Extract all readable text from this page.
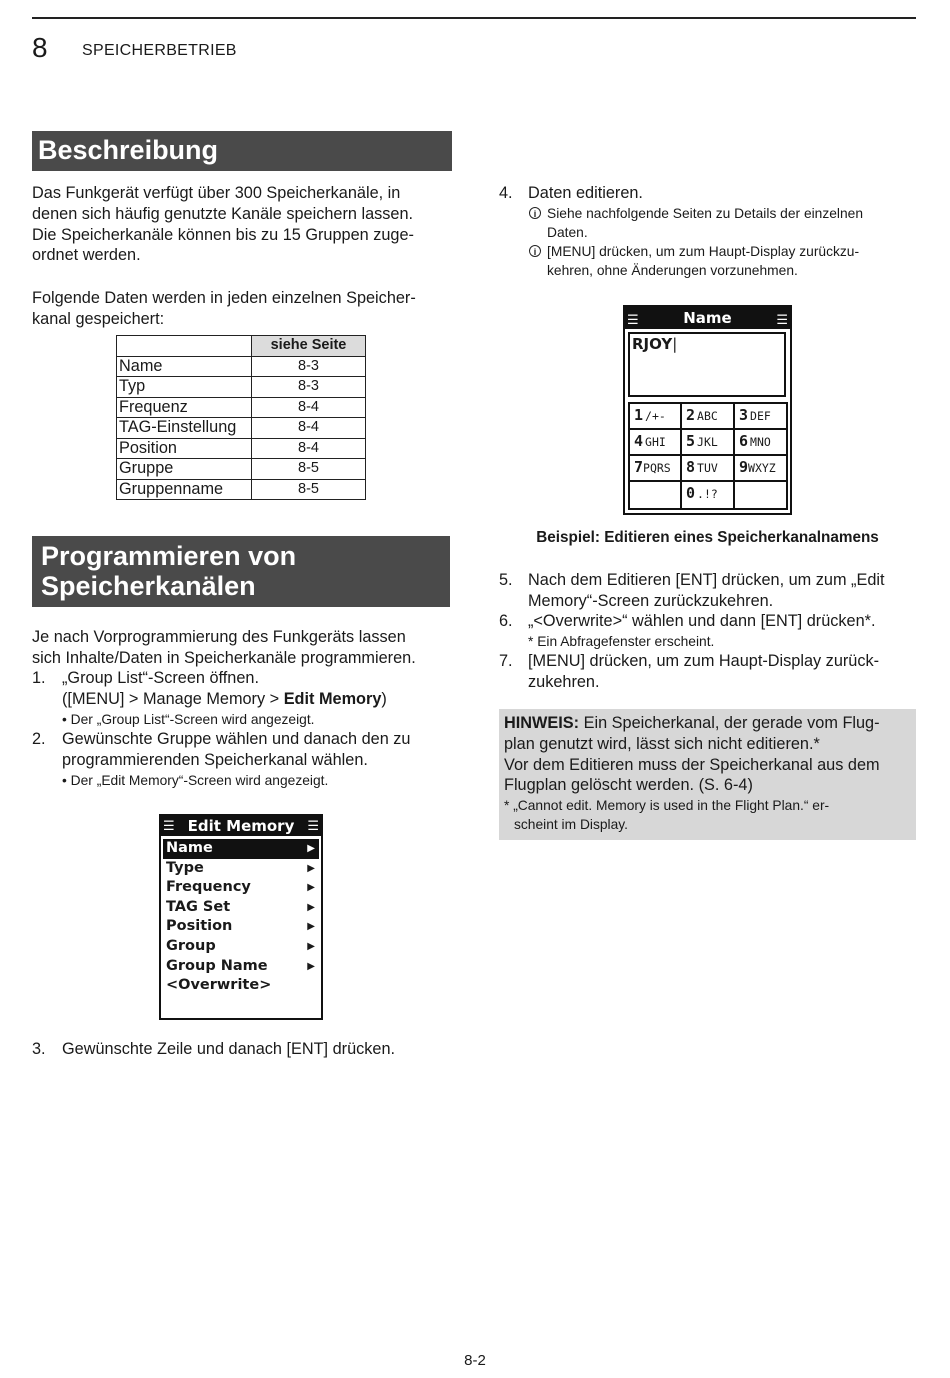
8 SPEICHERBETRIEB
Beschreibung
Das Funkgerät verfügt über 300 Speicherkanäle, in
denen sich häufig genutzte Kanäle speichern lassen.
Die Speicherkanäle können bis zu 15 Gruppen zuge-
ordnet werden.
Folgende Daten werden in jeden einzelnen Speicher-
kanal gespeichert:
	siehe Seite
Name	8-3
Typ	8-3
Frequenz	8-4
TAG-Einstellung	8-4
Position	8-4
Gruppe	8-5
Gruppenname	8-5
Programmieren von
Speicherkanälen
Je nach Vorprogrammierung des Funkgeräts lassen
sich Inhalte/Daten in Speicherkanäle programmieren.
1. „Group List“-Screen öffnen.
([MENU] > Manage Memory > Edit Memory)
• Der „Group List“-Screen wird angezeigt.
2. Gewünschte Gruppe wählen und danach den zu
programmierenden Speicherkanal wählen.
• Der „Edit Memory“-Screen wird angezeigt.
☰ Edit Memory ☰
Name	▶
Type	▶
Frequency	▶
TAG Set	▶
Position	▶
Group	▶
Group Name	▶
<Overwrite>
3. Gewünschte Zeile und danach [ENT] drücken.
4. Daten editieren.
i Siehe nachfolgende Seiten zu Details der einzelnen
Daten.
i [MENU] drücken, um zum Haupt-Display zurückzu-
kehren, ohne Änderungen vorzunehmen.
☰	Name	☰
RJOY|
1 /+-	2 ABC	3 DEF
4 GHI	5 JKL	6 MNO
7PQRS	8 TUV	9WXYZ
0 .!?
Beispiel: Editieren eines Speicherkanalnamens
5. Nach dem Editieren [ENT] drücken, um zum „Edit
Memory“-Screen zurückzukehren.
6. „<Overwrite>“ wählen und dann [ENT] drücken*.
* Ein Abfragefenster erscheint.
7. [MENU] drücken, um zum Haupt-Display zurück-
zukehren.
HINWEIS: Ein Speicherkanal, der gerade vom Flug-
plan genutzt wird, lässt sich nicht editieren.*
Vor dem Editieren muss der Speicherkanal aus dem
Flugplan gelöscht werden. (S. 6-4)
* „Cannot edit. Memory is used in the Flight Plan.“ er-
scheint im Display.
8-2
